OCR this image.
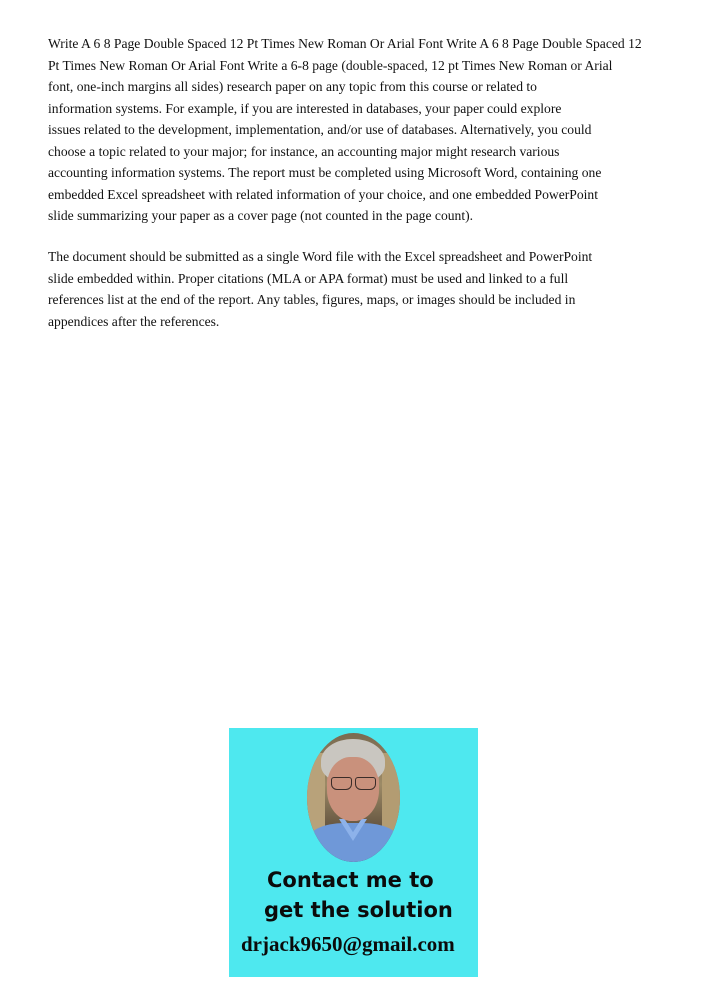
Write A 6 8 Page Double Spaced 12 Pt Times New Roman Or Arial Font Write A 6 8 Page Double Spaced 12
Pt Times New Roman Or Arial Font Write a 6-8 page (double-spaced, 12 pt Times New Roman or Arial
font, one-inch margins all sides) research paper on any topic from this course or related to
information systems. For example, if you are interested in databases, your paper could explore
issues related to the development, implementation, and/or use of databases. Alternatively, you could
choose a topic related to your major; for instance, an accounting major might research various
accounting information systems. The report must be completed using Microsoft Word, containing one
embedded Excel spreadsheet with related information of your choice, and one embedded PowerPoint
slide summarizing your paper as a cover page (not counted in the page count).
The document should be submitted as a single Word file with the Excel spreadsheet and PowerPoint
slide embedded within. Proper citations (MLA or APA format) must be used and linked to a full
references list at the end of the report. Any tables, figures, maps, or images should be included in
appendices after the references.
Contact me to
get the solution
drjack9650@gmail.com
